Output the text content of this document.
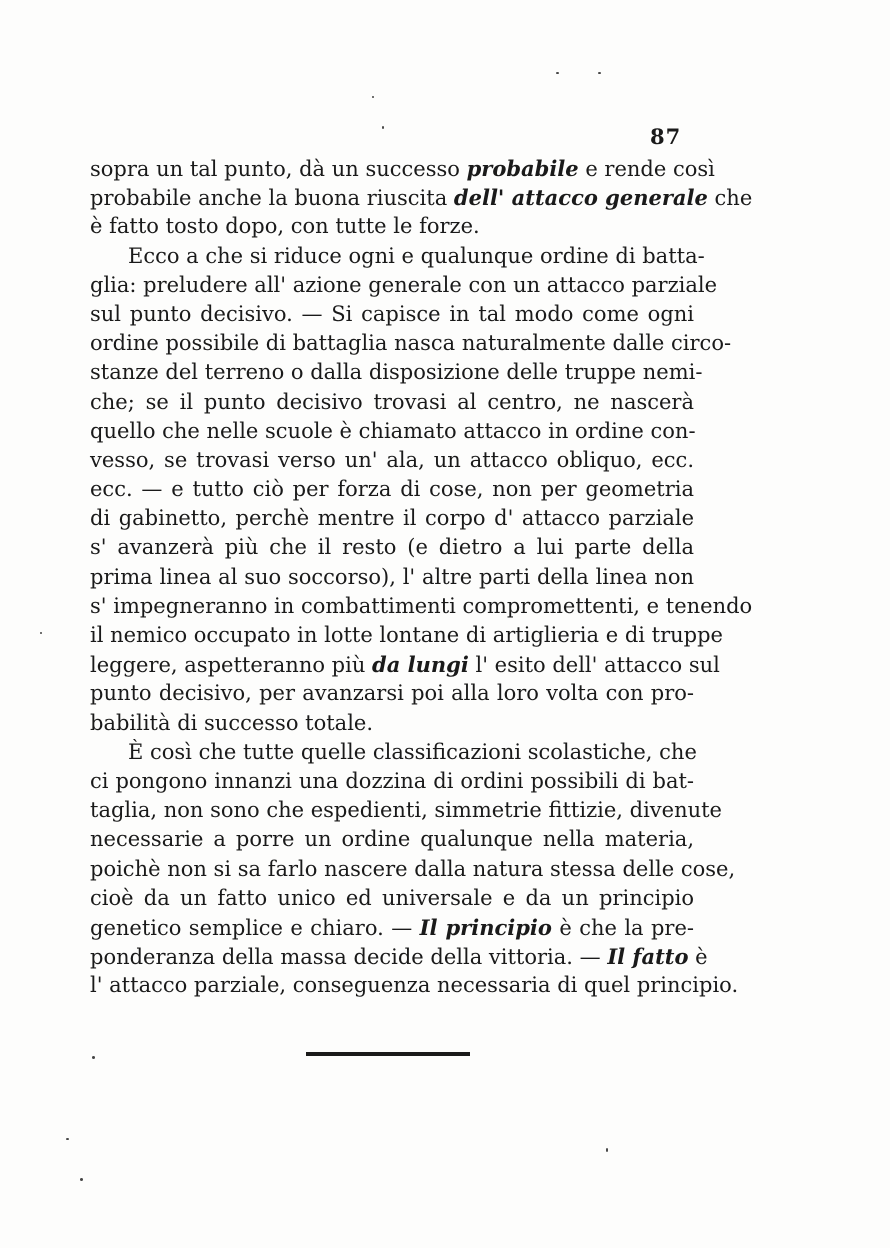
87
sopra un tal punto, dà un successo probabile e rende così
probabile anche la buona riuscita dell' attacco generale che
è fatto tosto dopo, con tutte le forze.
Ecco a che si riduce ogni e qualunque ordine di batta-
glia: preludere all' azione generale con un attacco parziale
sul punto decisivo. — Si capisce in tal modo come ogni
ordine possibile di battaglia nasca naturalmente dalle circo-
stanze del terreno o dalla disposizione delle truppe nemi-
che; se il punto decisivo trovasi al centro, ne nascerà
quello che nelle scuole è chiamato attacco in ordine con-
vesso, se trovasi verso un' ala, un attacco obliquo, ecc.
ecc. — e tutto ciò per forza di cose, non per geometria
di gabinetto, perchè mentre il corpo d' attacco parziale
s' avanzerà più che il resto (e dietro a lui parte della
prima linea al suo soccorso), l' altre parti della linea non
s' impegneranno in combattimenti compromettenti, e tenendo
il nemico occupato in lotte lontane di artiglieria e di truppe
leggere, aspetteranno più da lungi l' esito dell' attacco sul
punto decisivo, per avanzarsi poi alla loro volta con pro-
babilità di successo totale.
È così che tutte quelle classificazioni scolastiche, che
ci pongono innanzi una dozzina di ordini possibili di bat-
taglia, non sono che espedienti, simmetrie fittizie, divenute
necessarie a porre un ordine qualunque nella materia,
poichè non si sa farlo nascere dalla natura stessa delle cose,
cioè da un fatto unico ed universale e da un principio
genetico semplice e chiaro. — Il principio è che la pre-
ponderanza della massa decide della vittoria. — Il fatto è
l' attacco parziale, conseguenza necessaria di quel principio.
